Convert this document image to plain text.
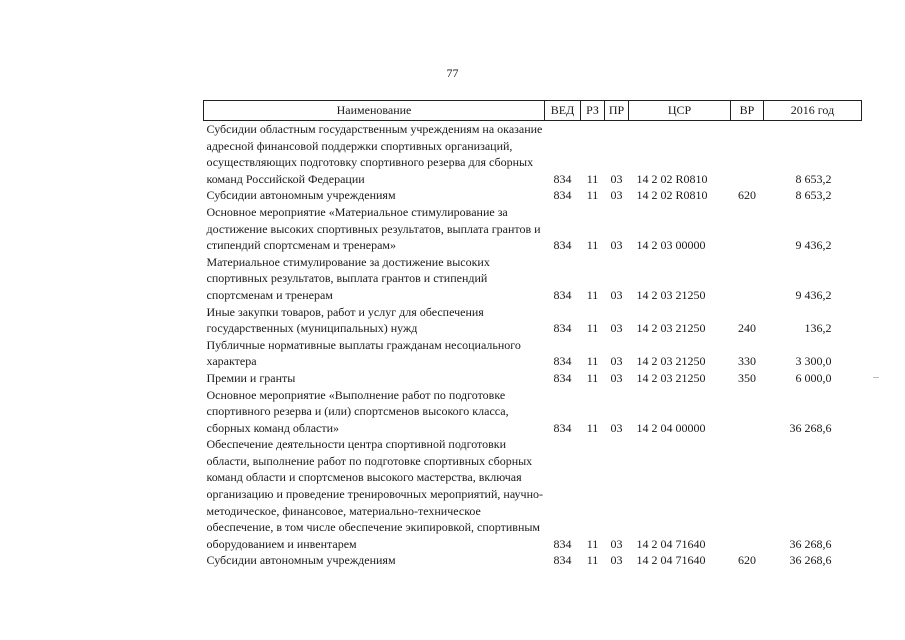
77
Наименование	ВЕД	РЗ	ПР	ЦСР	ВР	2016 год
Субсидии областным государственным учреждениям на оказание адресной финансовой поддержки спортивных организаций, осуществляющих подготовку спортивного резерва для сборных команд Российской Федерации	834	11	03	14 2 02 R0810		8 653,2
Субсидии автономным учреждениям	834	11	03	14 2 02 R0810	620	8 653,2
Основное мероприятие «Материальное стимулирование за достижение высоких спортивных результатов, выплата грантов и стипендий спортсменам и тренерам»	834	11	03	14 2 03 00000		9 436,2
Материальное стимулирование за достижение высоких спортивных результатов, выплата грантов и стипендий спортсменам и тренерам	834	11	03	14 2 03 21250		9 436,2
Иные закупки товаров, работ и услуг для обеспечения государственных (муниципальных) нужд	834	11	03	14 2 03 21250	240	136,2
Публичные нормативные выплаты гражданам несоциального характера	834	11	03	14 2 03 21250	330	3 300,0
Премии и гранты	834	11	03	14 2 03 21250	350	6 000,0
Основное мероприятие «Выполнение работ по подготовке спортивного резерва и (или) спортсменов высокого класса, сборных команд области»	834	11	03	14 2 04 00000		36 268,6
Обеспечение деятельности центра спортивной подготовки области, выполнение работ по подготовке спортивных сборных команд области и спортсменов высокого мастерства, включая организацию и проведение тренировочных мероприятий, научно-методическое, финансовое, материально-техническое обеспечение, в том числе обеспечение экипировкой, спортивным оборудованием и инвентарем	834	11	03	14 2 04 71640		36 268,6
Субсидии автономным учреждениям	834	11	03	14 2 04 71640	620	36 268,6
